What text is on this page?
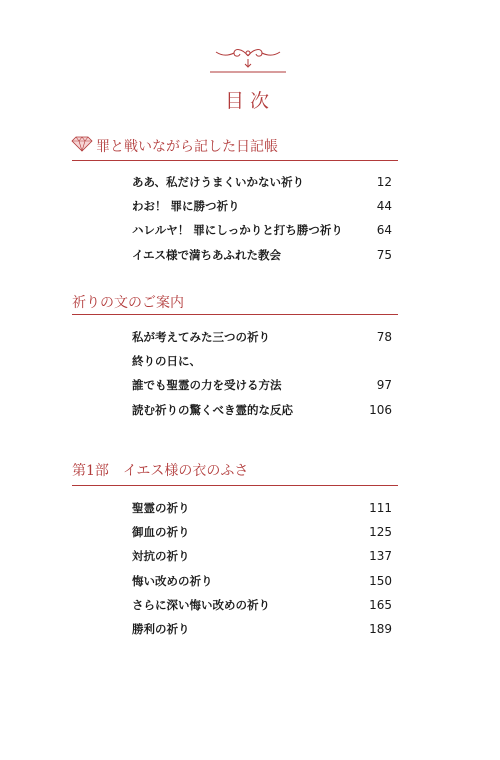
目次
罪と戦いながら記した日記帳
ああ、私だけうまくいかない祈り	12
わお！ 罪に勝つ祈り	44
ハレルヤ！ 罪にしっかりと打ち勝つ祈り	64
イエス様で満ちあふれた教会	75
祈りの文のご案内
私が考えてみた三つの祈り	78
終りの日に、
誰でも聖霊の力を受ける方法	97
読む祈りの驚くべき霊的な反応	106
第1部 イエス様の衣のふさ
聖霊の祈り	111
御血の祈り	125
対抗の祈り	137
悔い改めの祈り	150
さらに深い悔い改めの祈り	165
勝利の祈り	189
